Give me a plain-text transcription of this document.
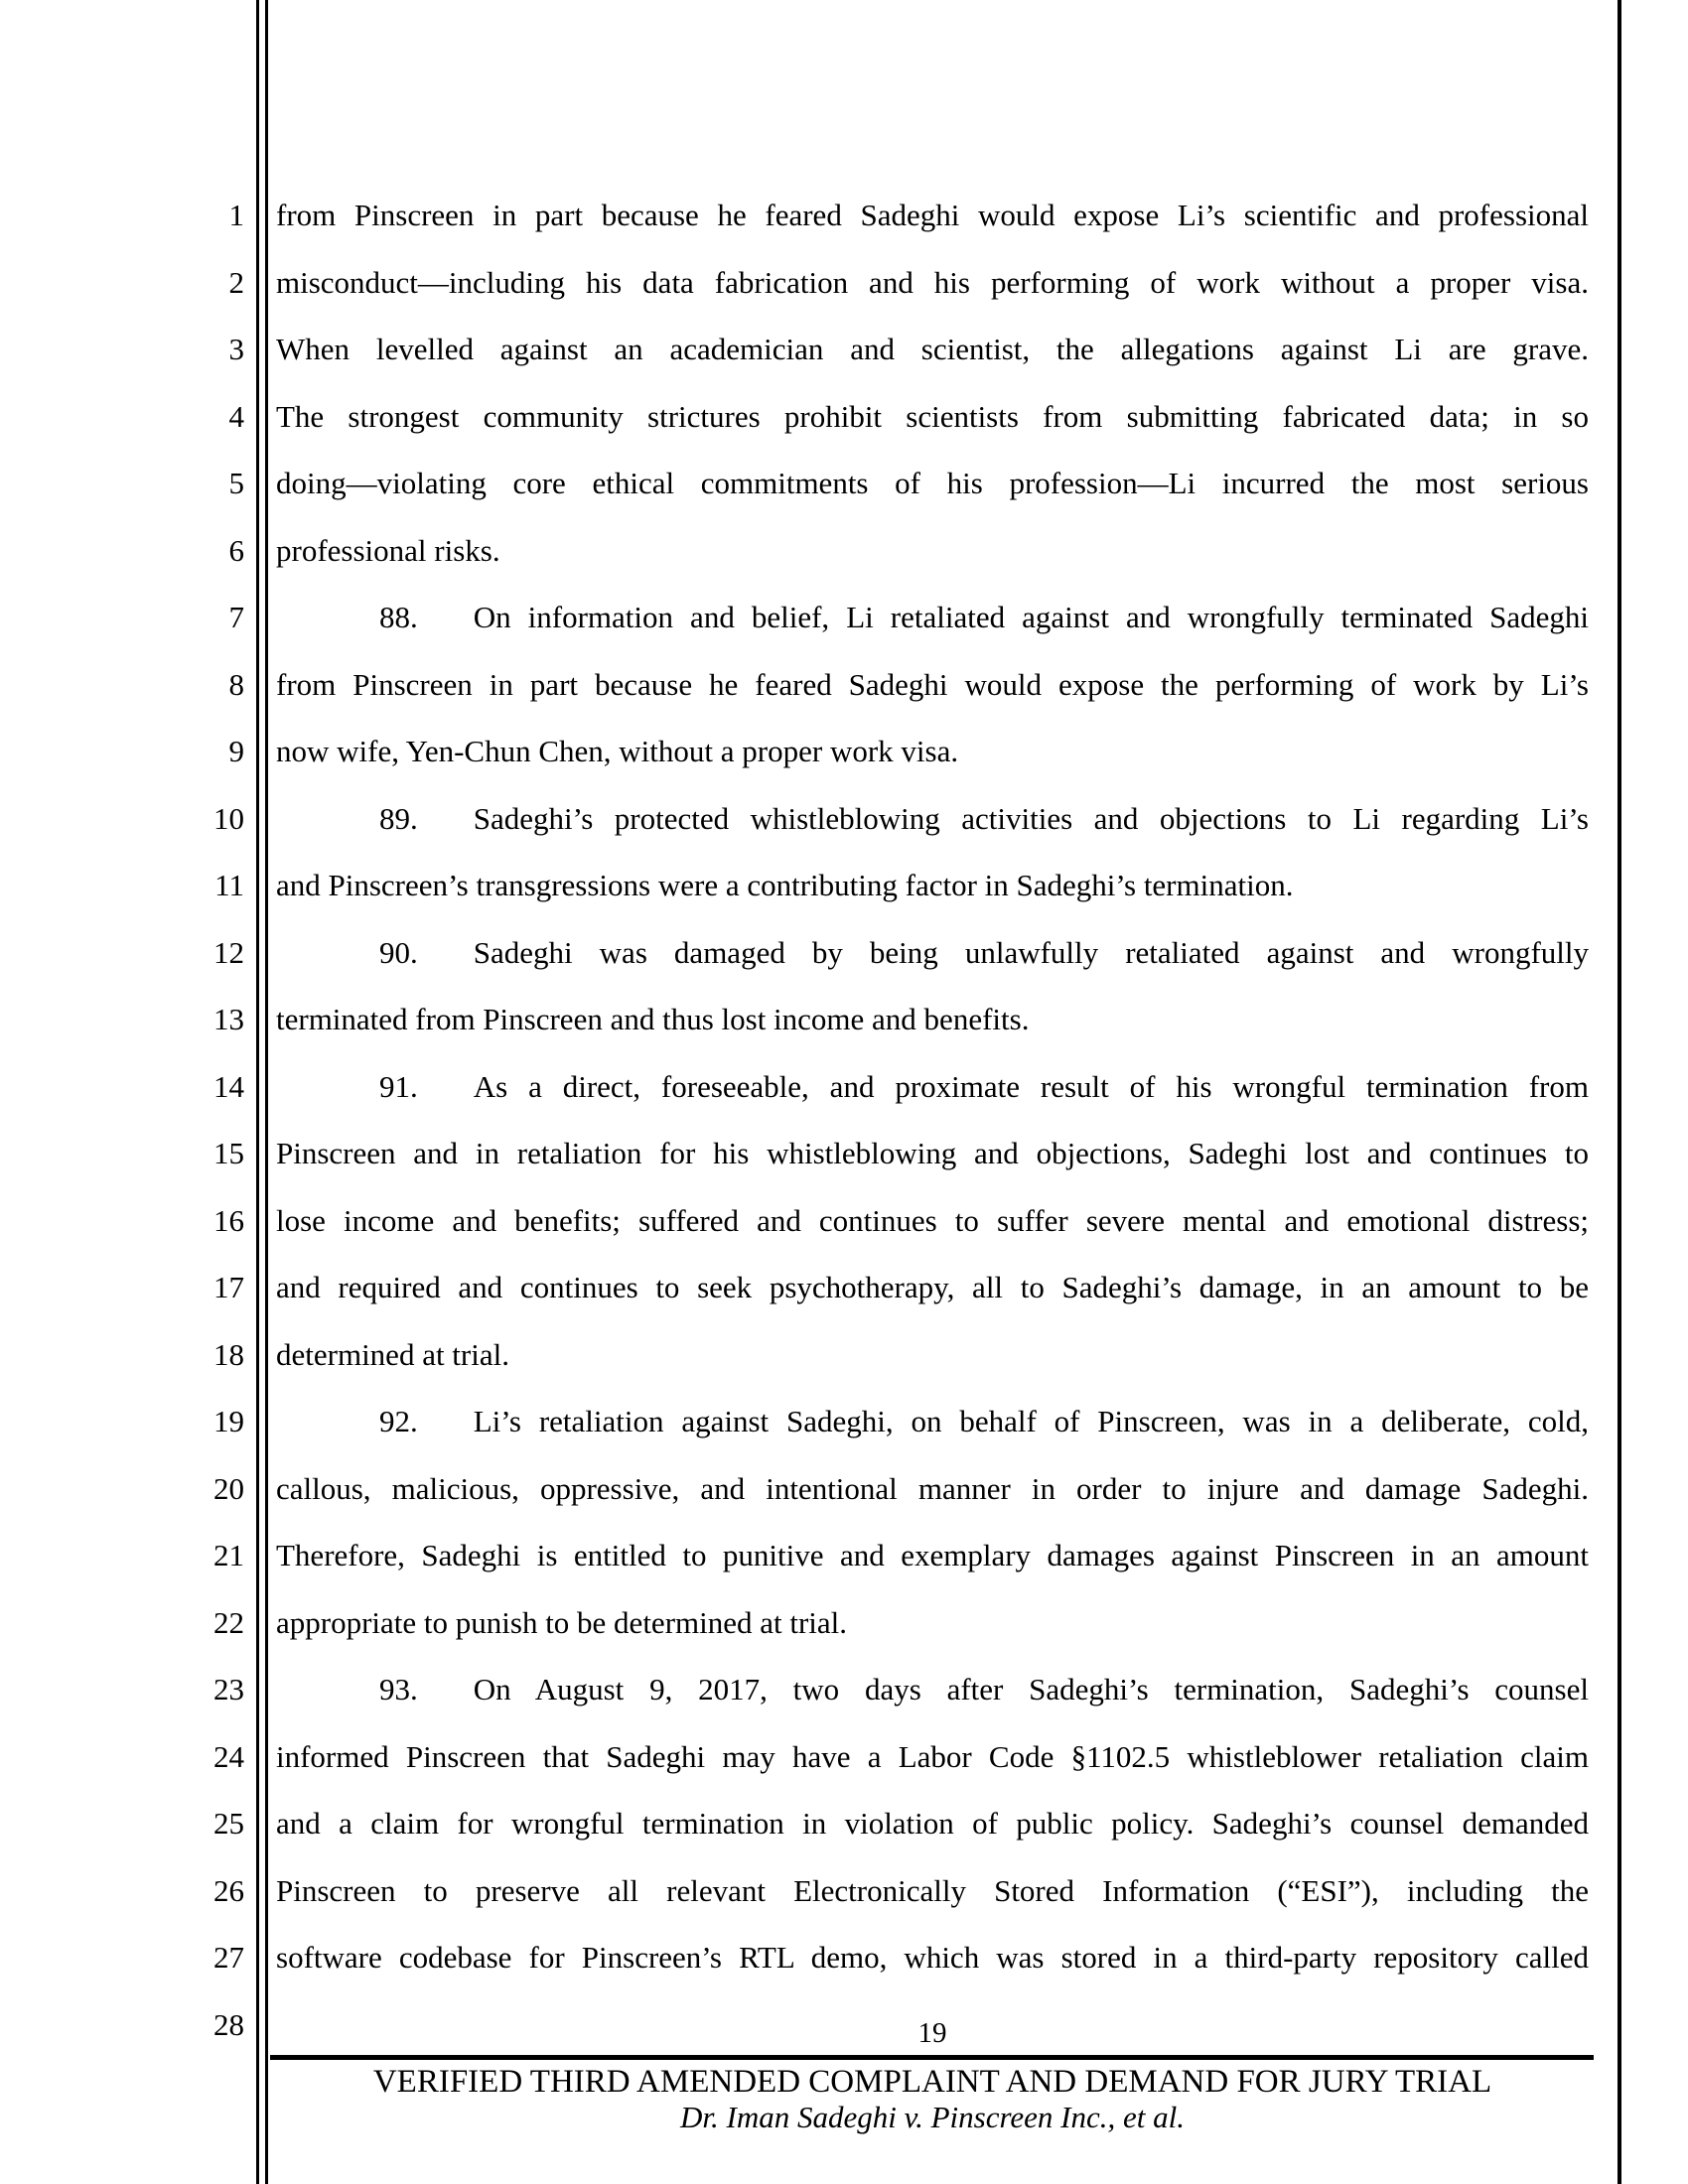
1
2
3
4
5
6
7
8
9
10
11
12
13
14
15
16
17
18
19
20
21
22
23
24
25
26
27
28
from Pinscreen in part because he feared Sadeghi would expose Li’s scientific and professional
misconduct—including his data fabrication and his performing of work without a proper visa.
When levelled against an academician and scientist, the allegations against Li are grave.
The strongest community strictures prohibit scientists from submitting fabricated data; in so
doing—violating core ethical commitments of his profession—Li incurred the most serious
professional risks.
88. On information and belief, Li retaliated against and wrongfully terminated Sadeghi
from Pinscreen in part because he feared Sadeghi would expose the performing of work by Li’s
now wife, Yen-Chun Chen, without a proper work visa.
89. Sadeghi’s protected whistleblowing activities and objections to Li regarding Li’s
and Pinscreen’s transgressions were a contributing factor in Sadeghi’s termination.
90. Sadeghi was damaged by being unlawfully retaliated against and wrongfully
terminated from Pinscreen and thus lost income and benefits.
91. As a direct, foreseeable, and proximate result of his wrongful termination from
Pinscreen and in retaliation for his whistleblowing and objections, Sadeghi lost and continues to
lose income and benefits; suffered and continues to suffer severe mental and emotional distress;
and required and continues to seek psychotherapy, all to Sadeghi’s damage, in an amount to be
determined at trial.
92. Li’s retaliation against Sadeghi, on behalf of Pinscreen, was in a deliberate, cold,
callous, malicious, oppressive, and intentional manner in order to injure and damage Sadeghi.
Therefore, Sadeghi is entitled to punitive and exemplary damages against Pinscreen in an amount
appropriate to punish to be determined at trial.
93. On August 9, 2017, two days after Sadeghi’s termination, Sadeghi’s counsel
informed Pinscreen that Sadeghi may have a Labor Code §1102.5 whistleblower retaliation claim
and a claim for wrongful termination in violation of public policy. Sadeghi’s counsel demanded
Pinscreen to preserve all relevant Electronically Stored Information (“ESI”), including the
software codebase for Pinscreen’s RTL demo, which was stored in a third-party repository called
19
VERIFIED THIRD AMENDED COMPLAINT AND DEMAND FOR JURY TRIAL
Dr. Iman Sadeghi v. Pinscreen Inc., et al.
